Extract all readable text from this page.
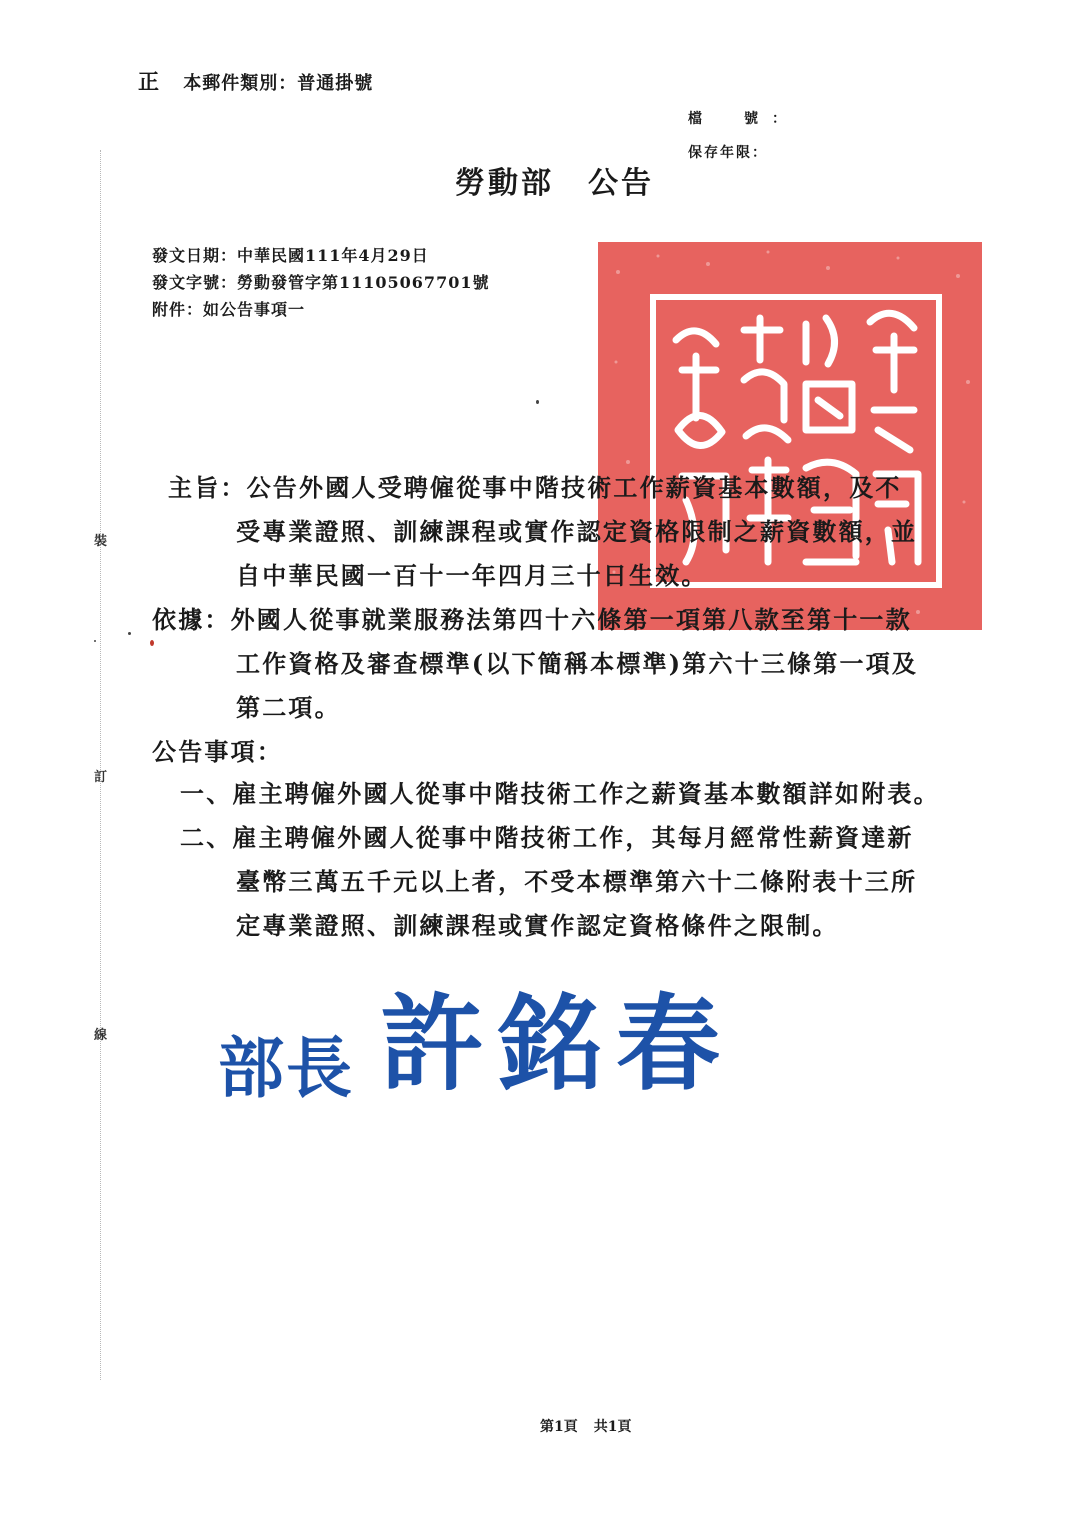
裝
訂
線
正 本郵件類別：普通掛號
檔　號：
保存年限：
勞動部 公告
發文日期：中華民國111年4月29日
發文字號：勞動發管字第11105067701號
附件：如公告事項一
主旨：公告外國人受聘僱從事中階技術工作薪資基本數額，及不
受專業證照、訓練課程或實作認定資格限制之薪資數額，並
自中華民國一百十一年四月三十日生效。
依據：外國人從事就業服務法第四十六條第一項第八款至第十一款
工作資格及審查標準(以下簡稱本標準)第六十三條第一項及
第二項。
公告事項：
一、雇主聘僱外國人從事中階技術工作之薪資基本數額詳如附表。
二、雇主聘僱外國人從事中階技術工作，其每月經常性薪資達新
臺幣三萬五千元以上者，不受本標準第六十二條附表十三所
定專業證照、訓練課程或實作認定資格條件之限制。
部長 許銘春
第1頁 共1頁
